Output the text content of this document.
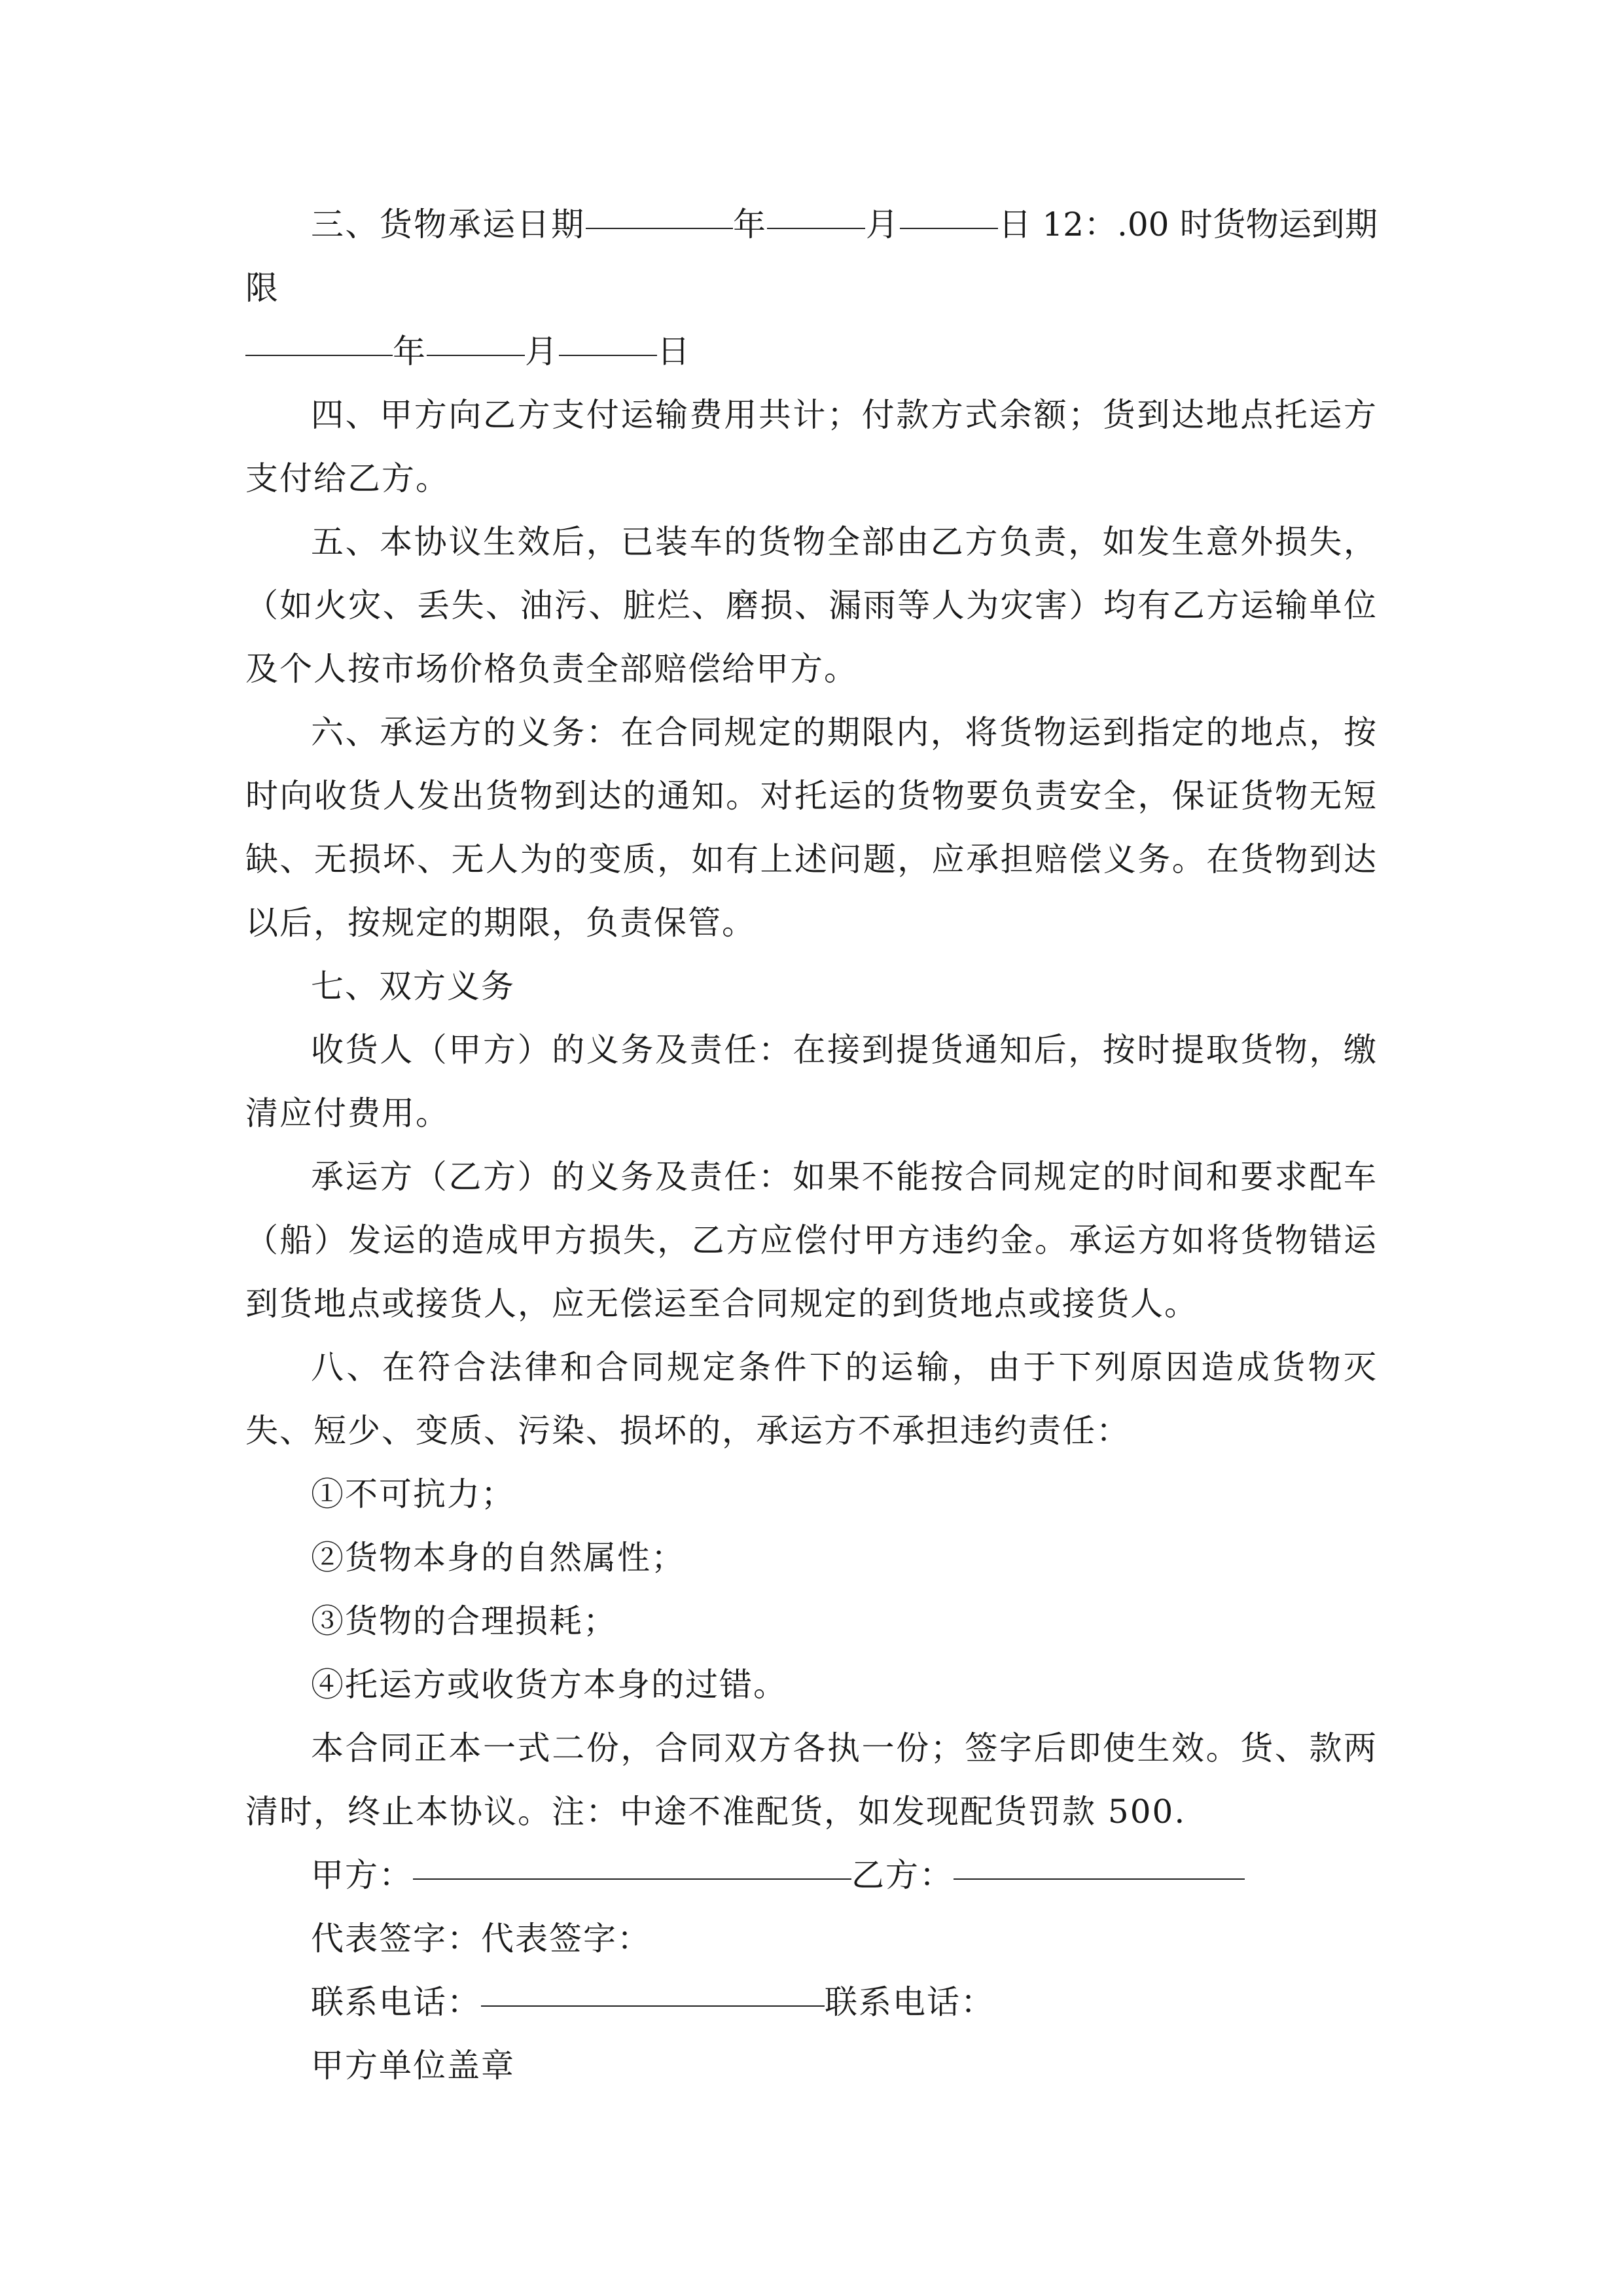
三、货物承运日期	年	月	日 12：.00 时货物运到期限

年	月	日

四、甲方向乙方支付运输费用共计；付款方式余额；货到达地点托运方支付给乙方。

五、本协议生效后，已装车的货物全部由乙方负责，如发生意外损失，（如火灾、丢失、油污、脏烂、磨损、漏雨等人为灾害）均有乙方运输单位及个人按市场价格负责全部赔偿给甲方。

六、承运方的义务：在合同规定的期限内，将货物运到指定的地点，按时向收货人发出货物到达的通知。对托运的货物要负责安全，保证货物无短缺、无损坏、无人为的变质，如有上述问题，应承担赔偿义务。在货物到达以后，按规定的期限，负责保管。

七、双方义务

收货人（甲方）的义务及责任：在接到提货通知后，按时提取货物，缴清应付费用。

承运方（乙方）的义务及责任：如果不能按合同规定的时间和要求配车（船）发运的造成甲方损失，乙方应偿付甲方违约金。承运方如将货物错运到货地点或接货人，应无偿运至合同规定的到货地点或接货人。

八、在符合法律和合同规定条件下的运输，由于下列原因造成货物灭失、短少、变质、污染、损坏的，承运方不承担违约责任：

①不可抗力；

②货物本身的自然属性；

③货物的合理损耗；

④托运方或收货方本身的过错。

本合同正本一式二份，合同双方各执一份；签字后即使生效。货、款两清时，终止本协议。注：中途不准配货，如发现配货罚款 500.

甲方：	乙方：

代表签字：代表签字：

联系电话：	联系电话：

甲方单位盖章
